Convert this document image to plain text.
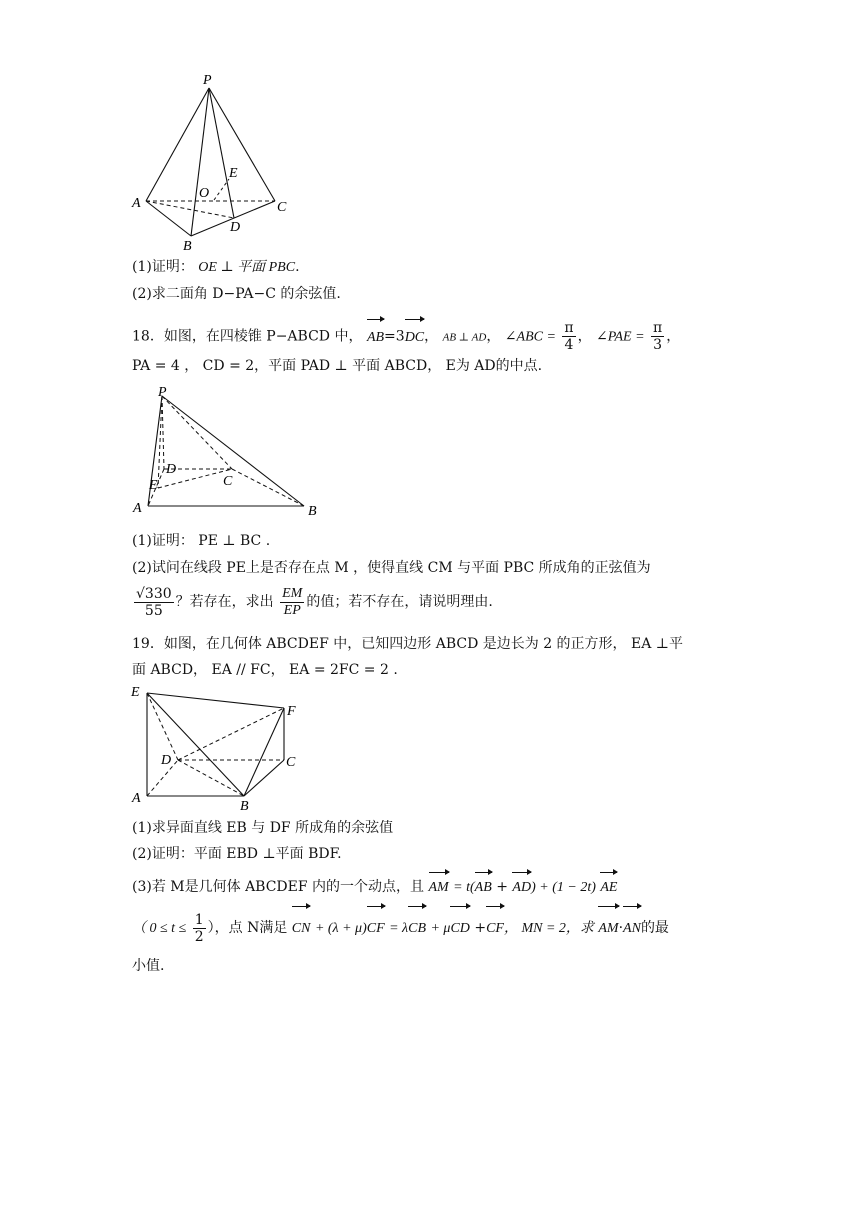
P
A
B
C
D
E
O
(1)证明： OE ⊥ 平面 PBC.
(2)求二面角 D−PA−C 的余弦值.
18．如图，在四棱锥 P−ABCD 中， AB=3DC， AB ⊥ AD， ∠ABC = $\frac{\pi}{4}$ ， ∠PAE = $\frac{\pi}{3}$ ，
PA = 4 ， CD = 2，平面 PAD ⊥ 平面 ABCD， E为 AD的中点.
P
A	B
C
D
E
(1)证明： PE ⊥ BC .
(2)试问在线段 PE上是否存在点 M ，使得直线 CM 与平面 PBC 所成角的正弦值为
$\frac{√330}{55}$ ？若存在，求出 $\frac{EM}{EP}$ 的值；若不存在，请说明理由.
19．如图，在几何体 ABCDEF 中，已知四边形 ABCD 是边长为 2 的正方形， EA ⊥平
面 ABCD， EA // FC， EA = 2FC = 2 .
E
F
D	C
A
B
(1)求异面直线 EB 与 DF 所成角的余弦值
(2)证明：平面 EBD ⊥平面 BDF.
(3)若 M是几何体 ABCDEF 内的一个动点，且 AM = t(AB + AD) + (1 − 2t) AE
（ $0 \le t \le \frac{1}{2}$ ），点 N满足 CN + (λ + μ)CF = λCB + μCD +CF， MN = 2，求 AM·AN的最
小值.
